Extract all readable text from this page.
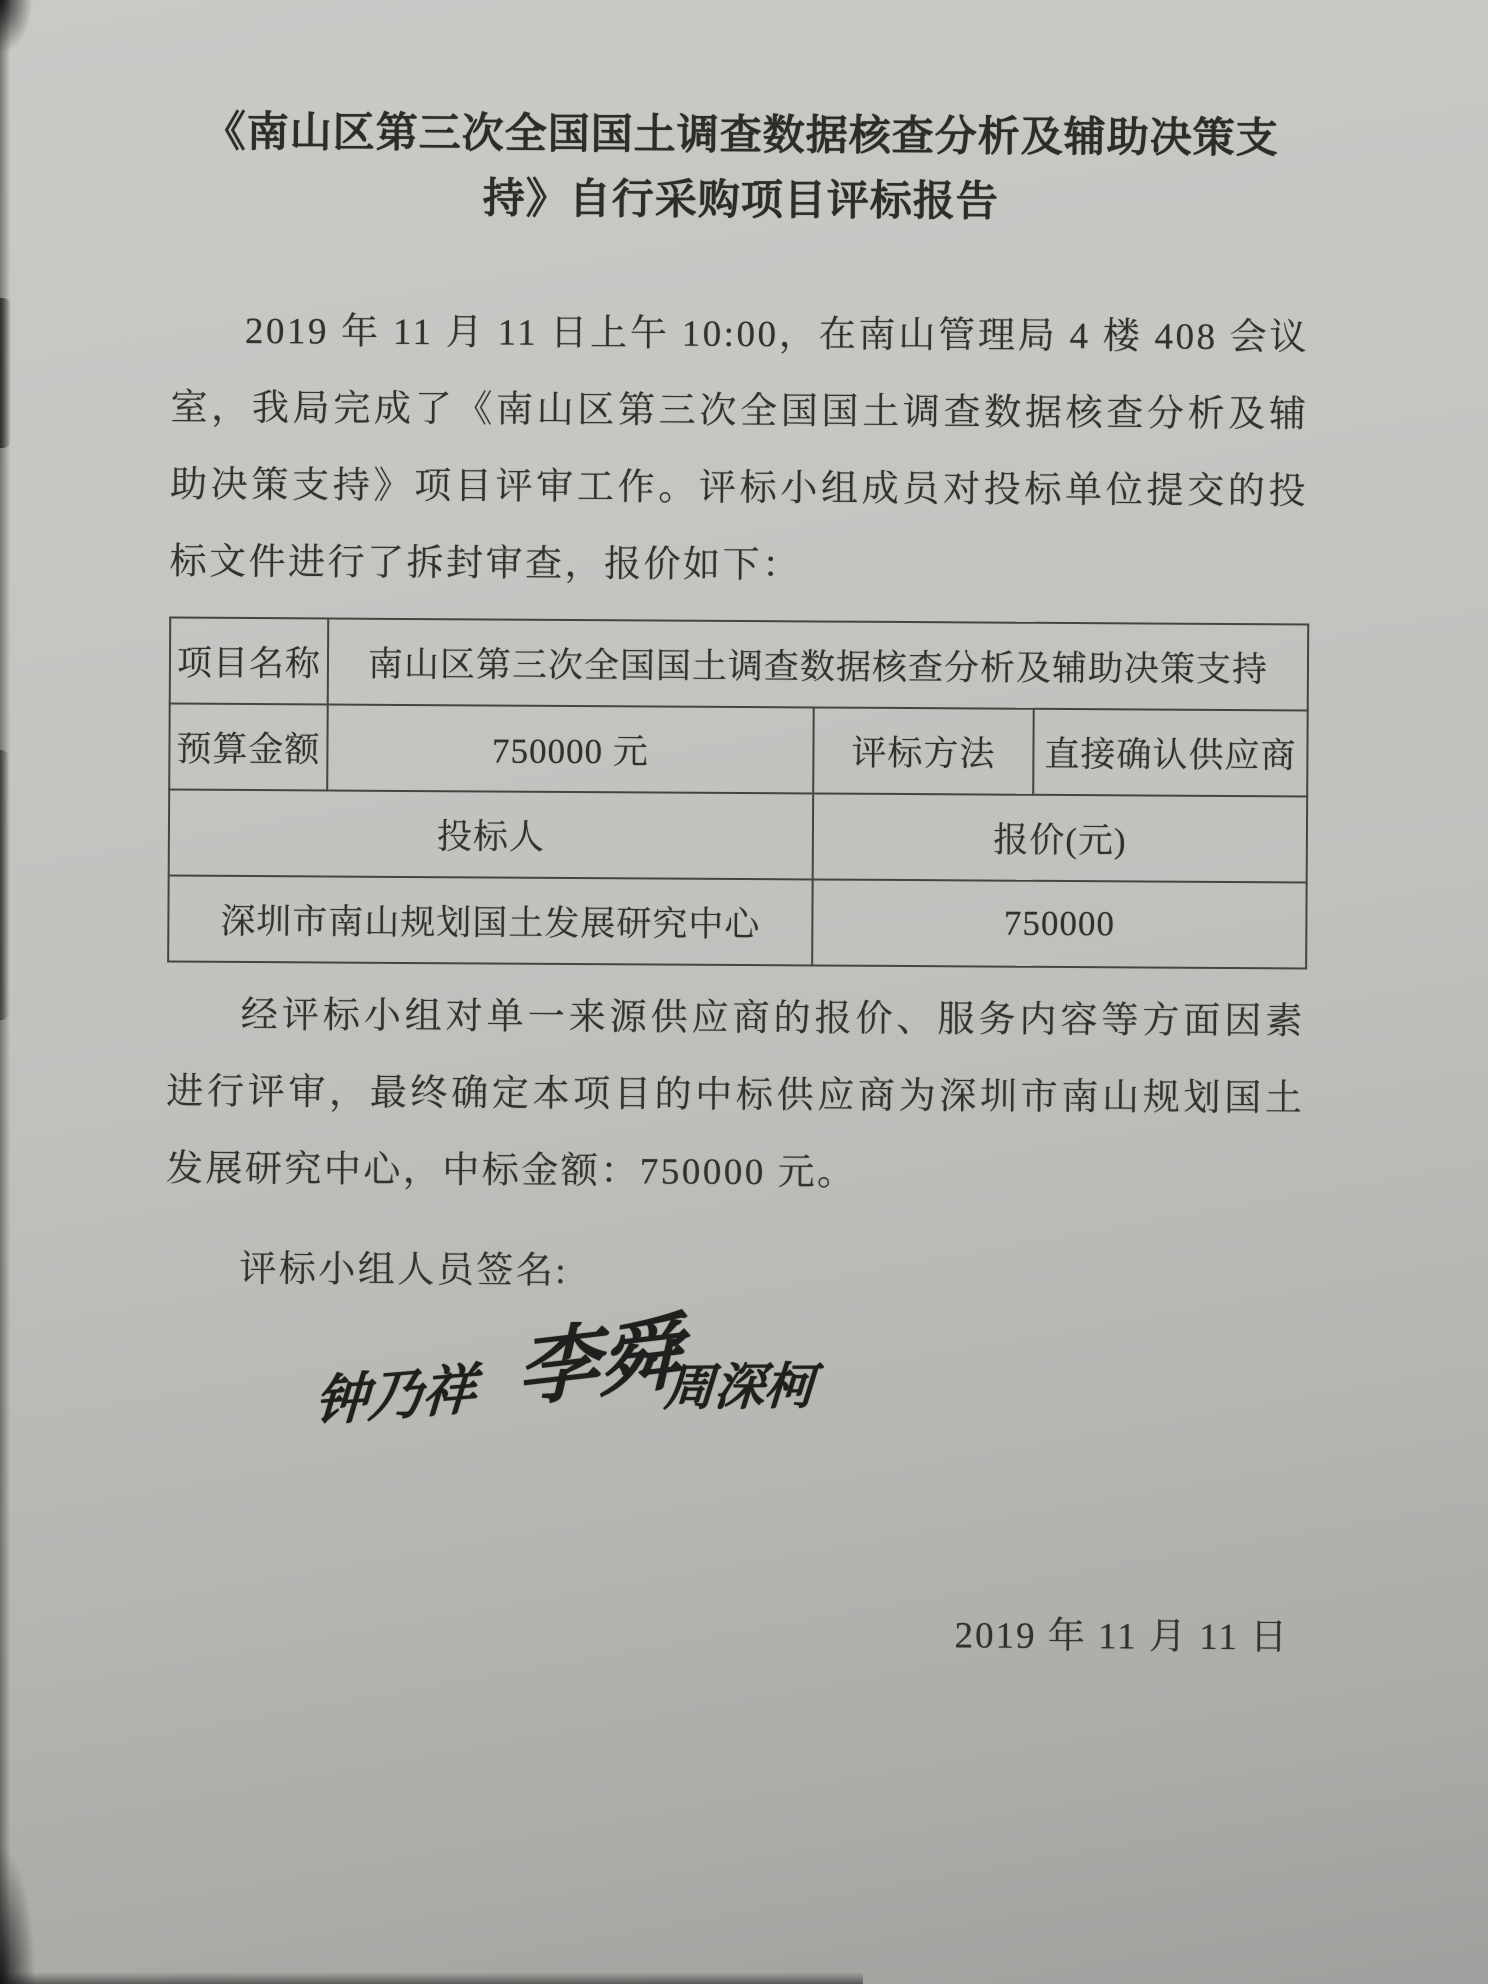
《南山区第三次全国国土调查数据核查分析及辅助决策支
持》自行采购项目评标报告

2019 年 11 月 11 日上午 10:00，在南山管理局 4 楼 408 会议室，我局完成了《南山区第三次全国国土调查数据核查分析及辅助决策支持》项目评审工作。评标小组成员对投标单位提交的投标文件进行了拆封审查，报价如下：

项目名称	南山区第三次全国国土调查数据核查分析及辅助决策支持		
预算金额	750000 元	评标方法	直接确认供应商
投标人		报价(元)	
深圳市南山规划国土发展研究中心		750000	

经评标小组对单一来源供应商的报价、服务内容等方面因素进行评审，最终确定本项目的中标供应商为深圳市南山规划国土发展研究中心，中标金额：750000 元。

评标小组人员签名:
钟乃祥 李舜
周深柯
2019 年 11 月 11 日
